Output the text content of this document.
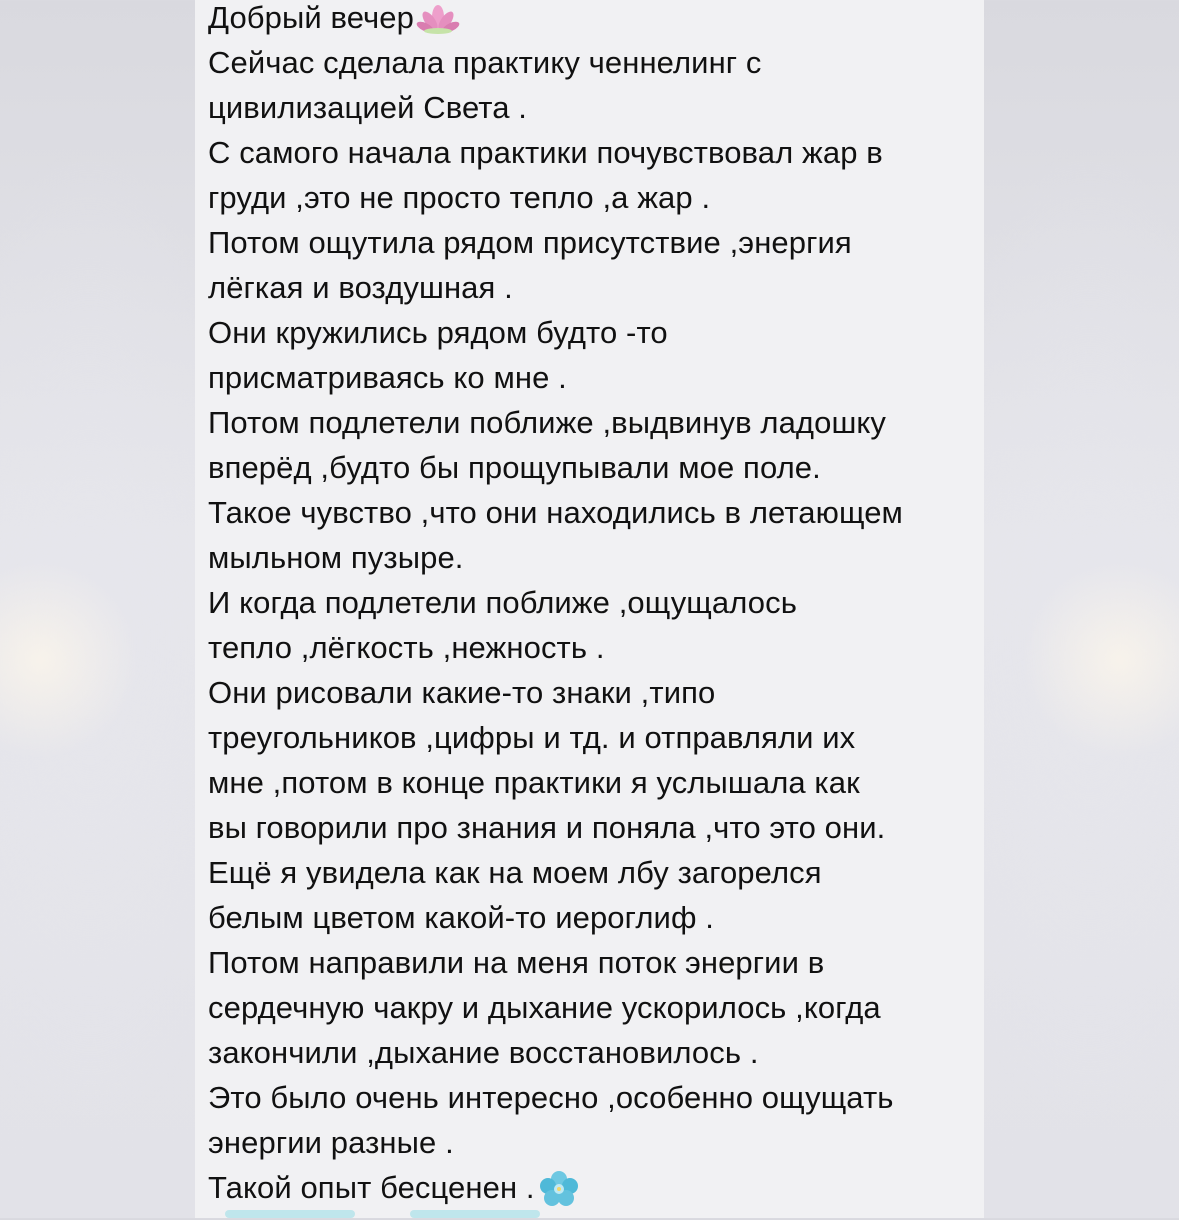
Добрый вечер
Сейчас сделала практику ченнелинг с
цивилизацией Света .
С самого начала практики почувствовал жар в
груди ,это не просто тепло ,а жар .
Потом ощутила рядом присутствие ,энергия
лёгкая и воздушная .
Они кружились рядом будто -то
присматриваясь ко мне .
Потом подлетели поближе ,выдвинув ладошку
вперёд ,будто бы прощупывали мое поле.
Такое чувство ,что они находились в летающем
мыльном пузыре.
И когда подлетели поближе ,ощущалось
тепло ,лёгкость ,нежность .
Они рисовали какие-то знаки ,типо
треугольников ,цифры и тд. и отправляли их
мне ,потом в конце практики я услышала как
вы говорили про знания и поняла ,что это они.
Ещё я увидела как на моем лбу загорелся
белым цветом какой-то иероглиф .
Потом направили на меня поток энергии в
сердечную чакру и дыхание ускорилось ,когда
закончили ,дыхание восстановилось .
Это было очень интересно ,особенно ощущать
энергии разные .
Такой опыт бесценен .
